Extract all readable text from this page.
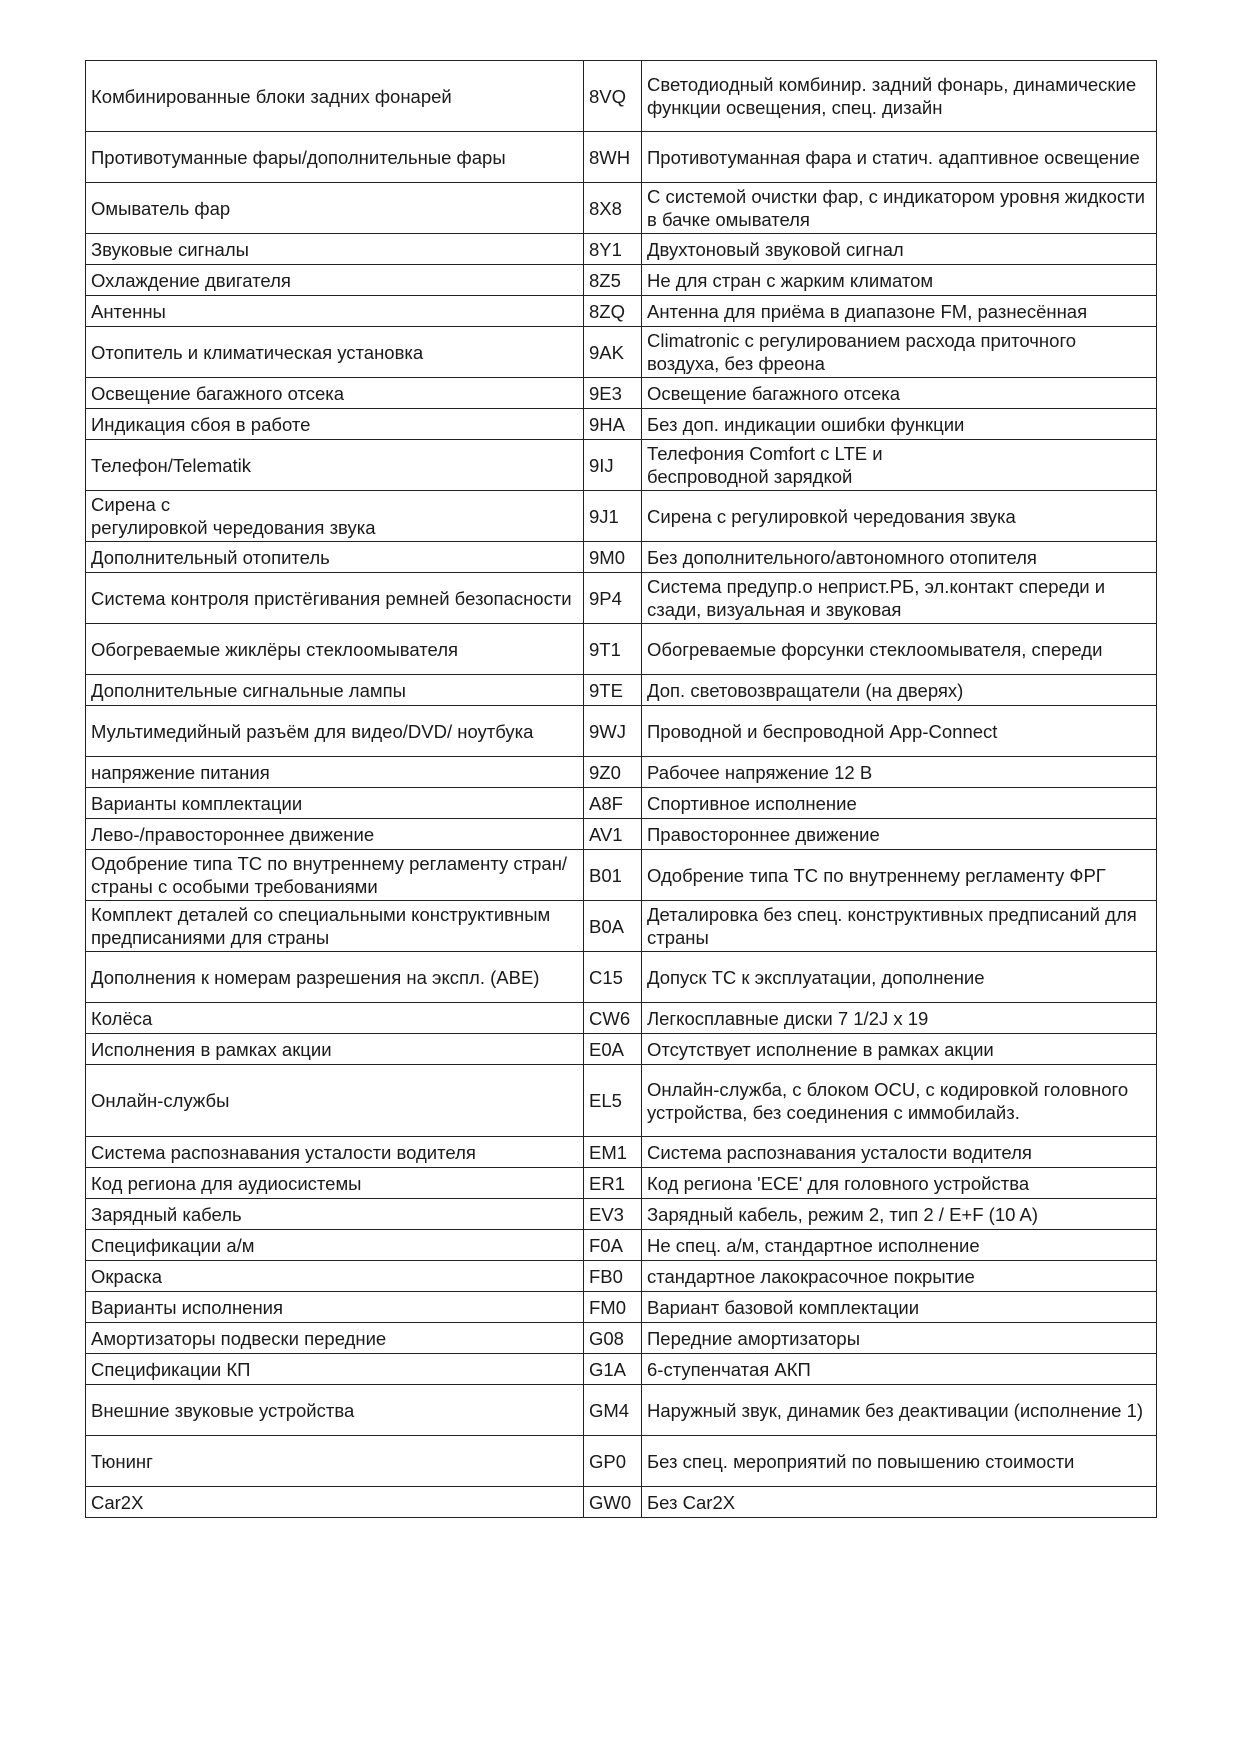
Комбинированные блоки задних фонарей	8VQ	Светодиодный комбинир. задний фонарь, динамические
функции освещения, спец. дизайн
Противотуманные фары/дополнительные фары	8WH	Противотуманная фара и статич. адаптивное освещение
Омыватель фар	8X8	С системой очистки фар, с индикатором уровня жидкости в бачке омывателя
Звуковые сигналы	8Y1	Двухтоновый звуковой сигнал
Охлаждение двигателя	8Z5	Не для стран с жарким климатом
Антенны	8ZQ	Антенна для приёма в диапазоне FM, разнесённая
Отопитель и климатическая установка	9AK	Climatronic с регулированием расхода приточного воздуха, без фреона
Освещение багажного отсека	9E3	Освещение багажного отсека
Индикация сбоя в работе	9HA	Без доп. индикации ошибки функции
Телефон/Telematik	9IJ	Телефония Comfort с LTE и
беспроводной зарядкой
Сирена с
регулировкой чередования звука	9J1	Сирена с регулировкой чередования звука
Дополнительный отопитель	9M0	Без дополнительного/автономного отопителя
Система контроля пристёгивания ремней безопасности	9P4	Система предупр.о неприст.РБ, эл.контакт спереди и сзади, визуальная и звуковая
Обогреваемые жиклёры стеклоомывателя	9T1	Обогреваемые форсунки стеклоомывателя, спереди
Дополнительные сигнальные лампы	9TE	Доп. световозвращатели (на дверях)
Мультимедийный разъём для видео/DVD/ ноутбука	9WJ	Проводной и беспроводной App-Connect
напряжение питания	9Z0	Рабочее напряжение 12 В
Варианты комплектации	A8F	Спортивное исполнение
Лево-/правостороннее движение	AV1	Правостороннее движение
Одобрение типа ТС по внутреннему регламенту стран/страны с особыми требованиями	B01	Одобрение типа ТС по внутреннему регламенту ФРГ
Комплект деталей со специальными конструктивным предписаниями для страны	B0A	Деталировка без спец. конструктивных предписаний для страны
Дополнения к номерам разрешения на экспл. (ABE)	C15	Допуск ТС к эксплуатации, дополнение
Колёса	CW6	Легкосплавные диски 7 1/2J x 19
Исполнения в рамках акции	E0A	Отсутствует исполнение в рамках акции
Онлайн-службы	EL5	Онлайн-служба, с блоком OCU, с кодировкой головного устройства, без соединения с иммобилайз.
Система распознавания усталости водителя	EM1	Система распознавания усталости водителя
Код региона для аудиосистемы	ER1	Код региона 'ECE' для головного устройства
Зарядный кабель	EV3	Зарядный кабель, режим 2, тип 2 / E+F (10 A)
Спецификации а/м	F0A	Не спец. а/м, стандартное исполнение
Окраска	FB0	стандартное лакокрасочное покрытие
Варианты исполнения	FM0	Вариант базовой комплектации
Амортизаторы подвески передние	G08	Передние амортизаторы
Спецификации КП	G1A	6-ступенчатая АКП
Внешние звуковые устройства	GM4	Наружный звук, динамик без деактивации (исполнение 1)
Тюнинг	GP0	Без спец. мероприятий по повышению стоимости
Car2X	GW0	Без Car2X
